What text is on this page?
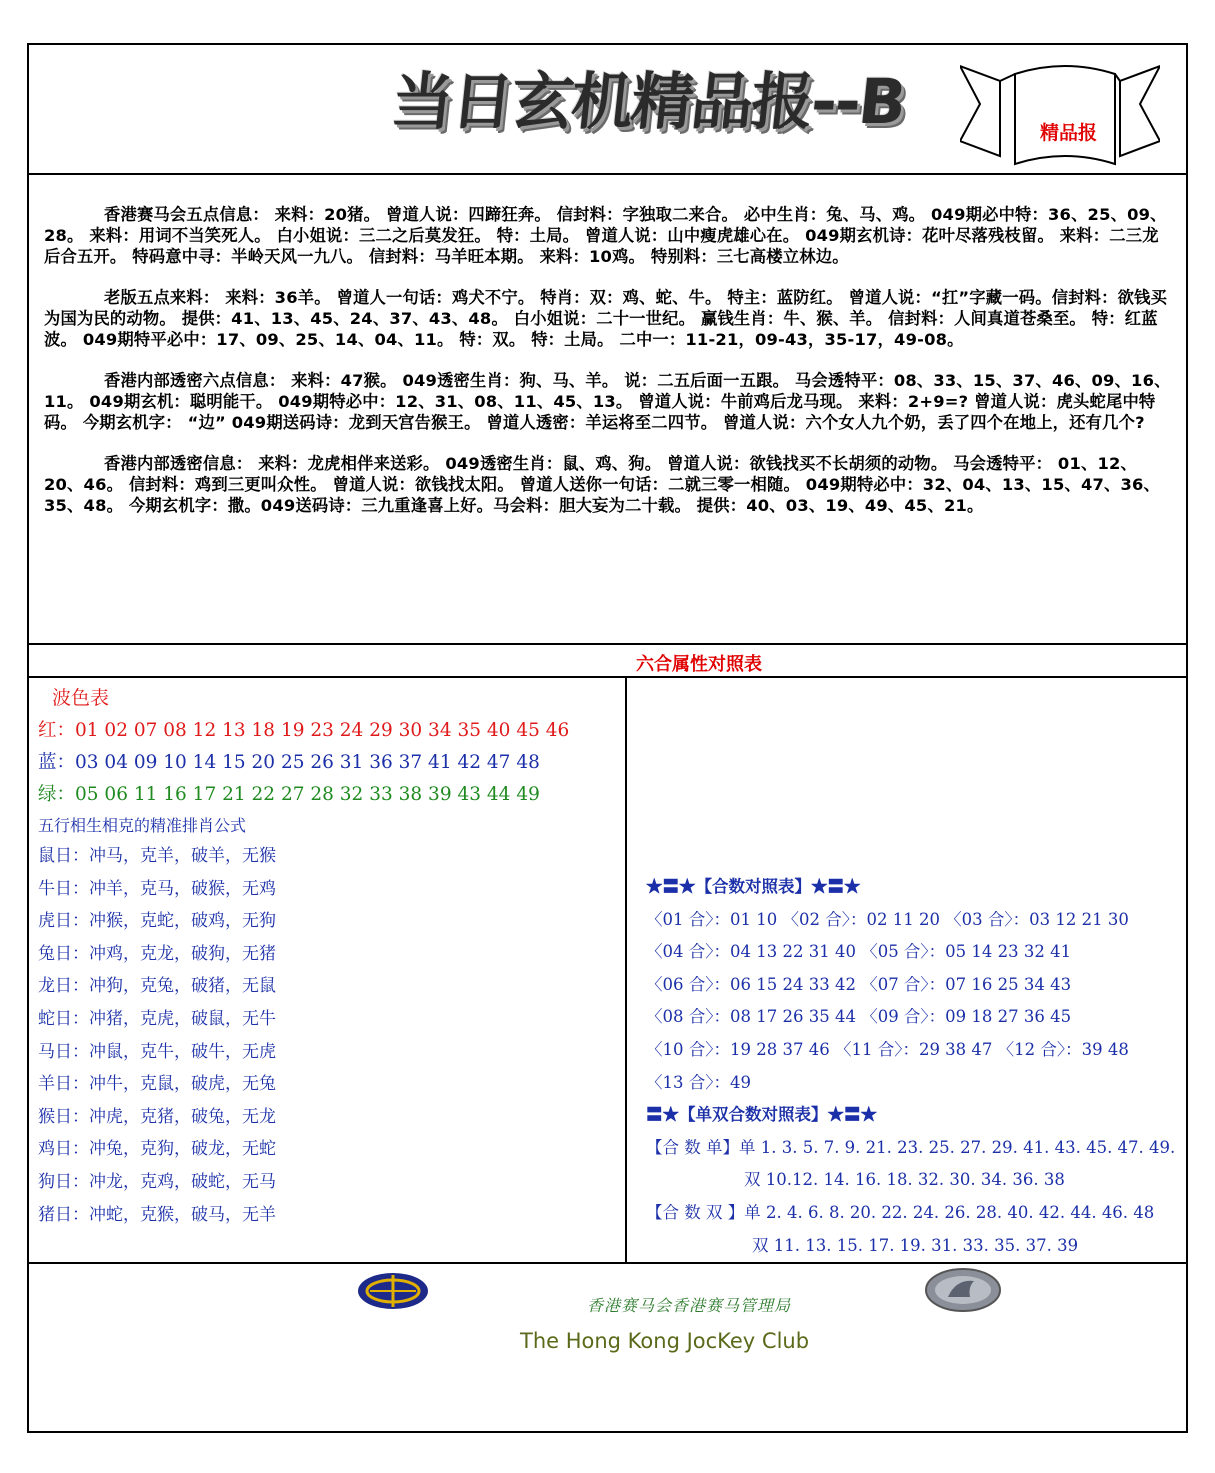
当日玄机精品报--B	精品报

香港赛马会五点信息： 来料：20猪。 曾道人说：四蹄狂奔。 信封料：字独取二来合。 必中生肖：兔、马、鸡。 049期必中特：36、25、09、28。 来料：用词不当笑死人。 白小姐说：三二之后莫发狂。 特：土局。 曾道人说：山中瘦虎雄心在。 049期玄机诗：花叶尽落残枝留。 来料：二三龙后合五开。 特码意中寻：半岭天风一九八。 信封料：马羊旺本期。 来料：10鸡。 特别料：三七高楼立林边。

老版五点来料： 来料：36羊。 曾道人一句话：鸡犬不宁。 特肖：双：鸡、蛇、牛。 特主：蓝防红。 曾道人说：“扛”字藏一码。信封料：欲钱买为国为民的动物。 提供：41、13、45、24、37、43、48。 白小姐说：二十一世纪。 赢钱生肖：牛、猴、羊。 信封料：人间真道苍桑至。 特：红蓝波。 049期特平必中：17、09、25、14、04、11。 特：双。 特：土局。 二中一：11-21，09-43，35-17，49-08。

香港内部透密六点信息： 来料：47猴。 049透密生肖：狗、马、羊。 说：二五后面一五跟。 马会透特平：08、33、15、37、46、09、16、11。 049期玄机：聪明能干。 049期特必中：12、31、08、11、45、13。 曾道人说：牛前鸡后龙马现。 来料：2+9=? 曾道人说：虎头蛇尾中特码。 今期玄机字： “边” 049期送码诗：龙到天宫告猴王。 曾道人透密：羊运将至二四节。 曾道人说：六个女人九个奶，丢了四个在地上，还有几个?

香港内部透密信息： 来料：龙虎相伴来送彩。 049透密生肖：鼠、鸡、狗。 曾道人说：欲钱找买不长胡须的动物。 马会透特平： 01、12、20、46。 信封料：鸡到三更叫众性。 曾道人说：欲钱找太阳。 曾道人送你一句话：二就三零一相随。 049期特必中：32、04、13、15、47、36、35、48。 今期玄机字：撒。049送码诗：三九重逢喜上好。马会料：胆大妄为二十载。 提供：40、03、19、49、45、21。

六合属性对照表
波色表
红：01 02 07 08 12 13 18 19 23 24 29 30 34 35 40 45 46
蓝：03 04 09 10 14 15 20 25 26 31 36 37 41 42 47 48
绿：05 06 11 16 17 21 22 27 28 32 33 38 39 43 44 49
五行相生相克的精准排肖公式
鼠日：冲马，克羊，破羊，无猴
牛日：冲羊，克马，破猴，无鸡
虎日：冲猴，克蛇，破鸡，无狗
兔日：冲鸡，克龙，破狗，无猪
龙日：冲狗，克兔，破猪，无鼠
蛇日：冲猪，克虎，破鼠，无牛
马日：冲鼠，克牛，破牛，无虎
羊日：冲牛，克鼠，破虎，无兔
猴日：冲虎，克猪，破兔，无龙
鸡日：冲兔，克狗，破龙，无蛇
狗日：冲龙，克鸡，破蛇，无马
猪日：冲蛇，克猴，破马，无羊
★〓★【合数对照表】★〓★
〈01 合〉：01 10 〈02 合〉：02 11 20 〈03 合〉：03 12 21 30
〈04 合〉：04 13 22 31 40 〈05 合〉：05 14 23 32 41
〈06 合〉：06 15 24 33 42 〈07 合〉：07 16 25 34 43
〈08 合〉：08 17 26 35 44 〈09 合〉：09 18 27 36 45
〈10 合〉：19 28 37 46 〈11 合〉：29 38 47 〈12 合〉：39 48
〈13 合〉：49
〓★【单双合数对照表】★〓★
【合 数 单】单 1. 3. 5. 7. 9. 21. 23. 25. 27. 29. 41. 43. 45. 47. 49.
双 10.12. 14. 16. 18. 32. 30. 34. 36. 38
【合 数 双 】单 2. 4. 6. 8. 20. 22. 24. 26. 28. 40. 42. 44. 46. 48
双 11. 13. 15. 17. 19. 31. 33. 35. 37. 39
香港赛马会香港赛马管理局
The Hong Kong JocKey Club
